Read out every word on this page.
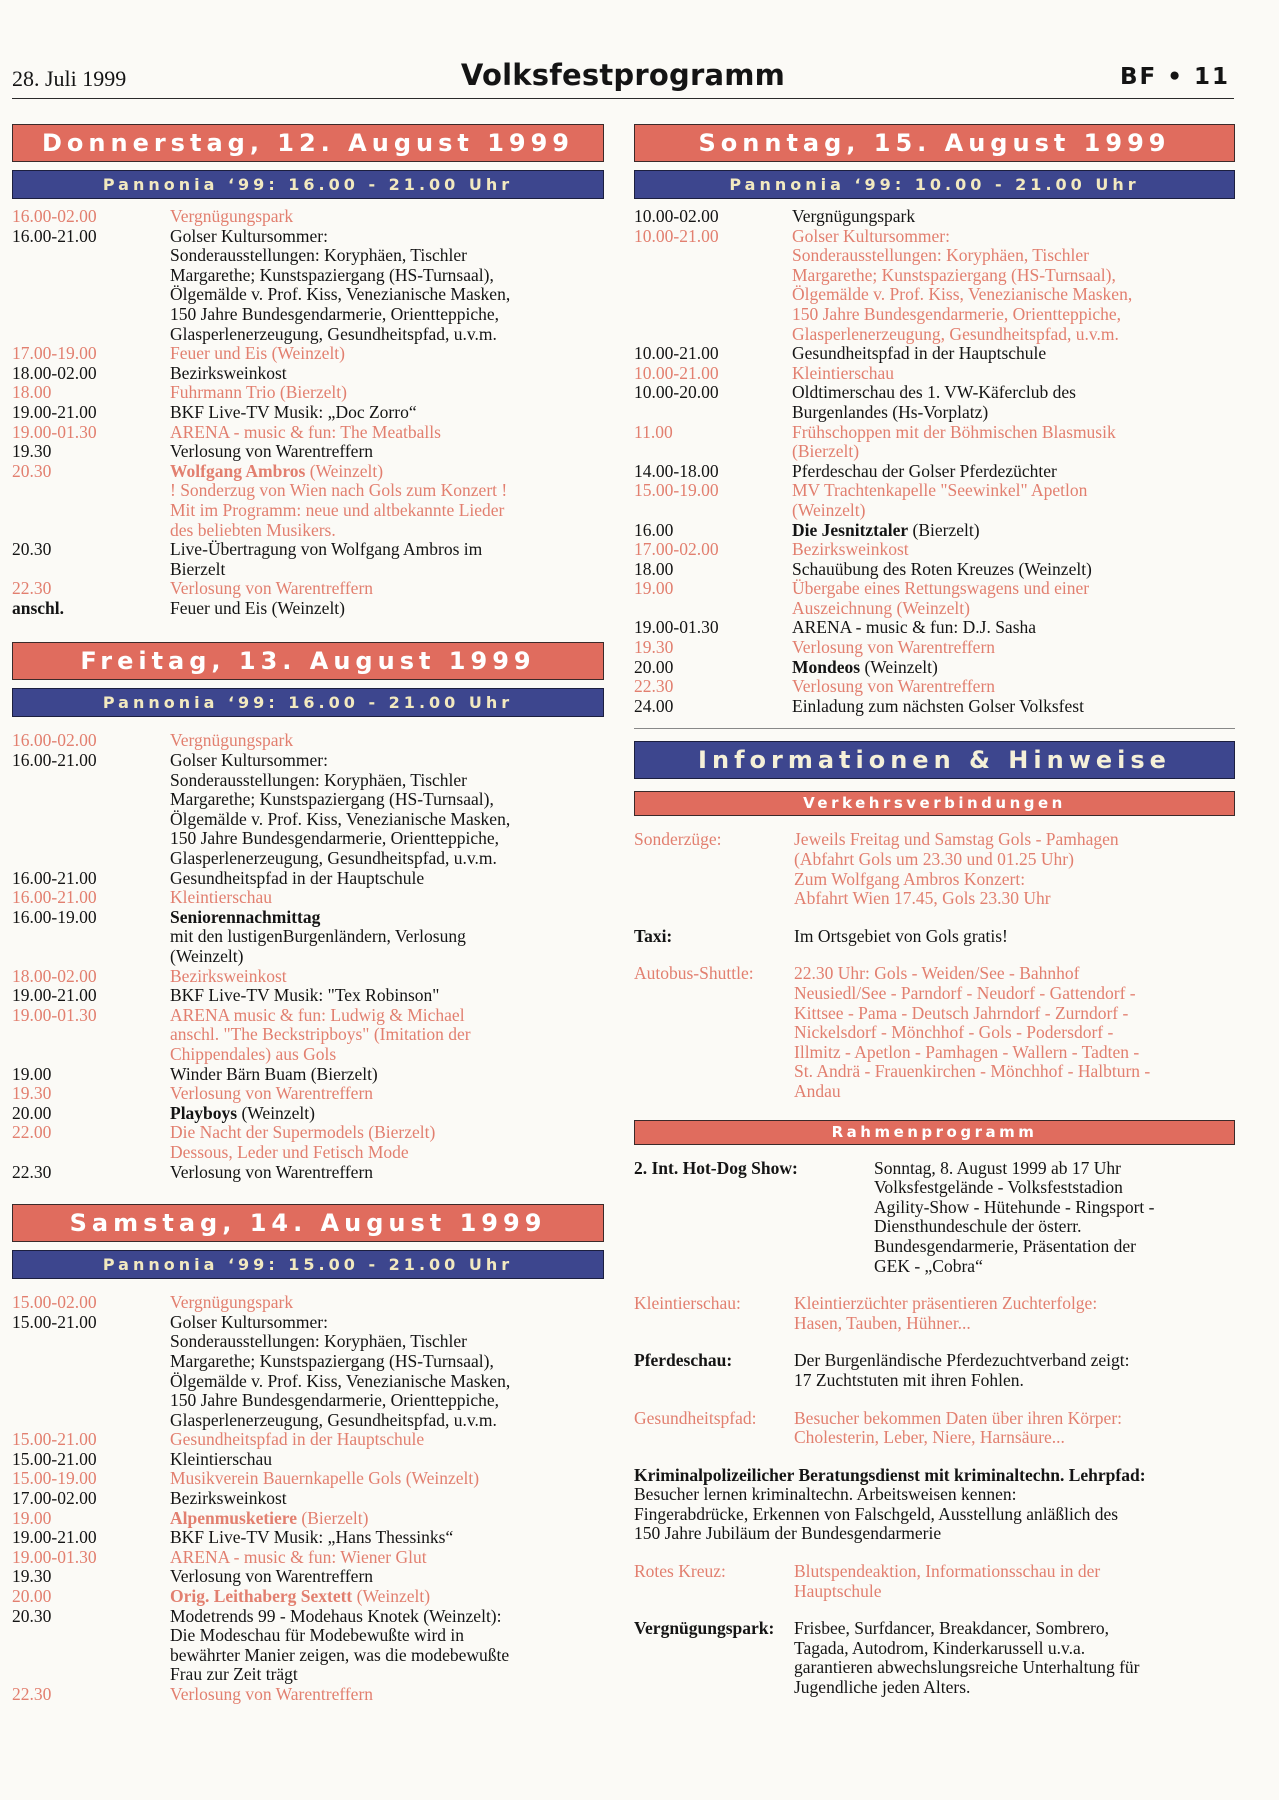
28. Juli 1999	Volksfestprogramm	BF • 11
Donnerstag, 12. August 1999
Pannonia ‘99: 16.00 - 21.00 Uhr
16.00-02.00	Vergnügungspark
16.00-21.00	Golser Kultursommer:
Sonderausstellungen: Koryphäen, Tischler
Margarethe; Kunstspaziergang (HS-Turnsaal),
Ölgemälde v. Prof. Kiss, Venezianische Masken,
150 Jahre Bundesgendarmerie, Orientteppiche,
Glasperlenerzeugung, Gesundheitspfad, u.v.m.
17.00-19.00	Feuer und Eis (Weinzelt)
18.00-02.00	Bezirksweinkost
18.00	Fuhrmann Trio (Bierzelt)
19.00-21.00	BKF Live-TV Musik: „Doc Zorro“
19.00-01.30	ARENA - music & fun: The Meatballs
19.30	Verlosung von Warentreffern
20.30	Wolfgang Ambros (Weinzelt)
! Sonderzug von Wien nach Gols zum Konzert !
Mit im Programm: neue und altbekannte Lieder
des beliebten Musikers.
20.30	Live-Übertragung von Wolfgang Ambros im
Bierzelt
22.30	Verlosung von Warentreffern
anschl.	Feuer und Eis (Weinzelt)
Freitag, 13. August 1999
Pannonia ‘99: 16.00 - 21.00 Uhr
16.00-02.00	Vergnügungspark
16.00-21.00	Golser Kultursommer:
Sonderausstellungen: Koryphäen, Tischler
Margarethe; Kunstspaziergang (HS-Turnsaal),
Ölgemälde v. Prof. Kiss, Venezianische Masken,
150 Jahre Bundesgendarmerie, Orientteppiche,
Glasperlenerzeugung, Gesundheitspfad, u.v.m.
16.00-21.00	Gesundheitspfad in der Hauptschule
16.00-21.00	Kleintierschau
16.00-19.00	Seniorennachmittag
mit den lustigenBurgenländern, Verlosung
(Weinzelt)
18.00-02.00	Bezirksweinkost
19.00-21.00	BKF Live-TV Musik: "Tex Robinson"
19.00-01.30	ARENA music & fun: Ludwig & Michael
anschl. "The Beckstripboys" (Imitation der
Chippendales) aus Gols
19.00	Winder Bärn Buam (Bierzelt)
19.30	Verlosung von Warentreffern
20.00	Playboys (Weinzelt)
22.00	Die Nacht der Supermodels (Bierzelt)
Dessous, Leder und Fetisch Mode
22.30	Verlosung von Warentreffern
Samstag, 14. August 1999
Pannonia ‘99: 15.00 - 21.00 Uhr
15.00-02.00	Vergnügungspark
15.00-21.00	Golser Kultursommer:
Sonderausstellungen: Koryphäen, Tischler
Margarethe; Kunstspaziergang (HS-Turnsaal),
Ölgemälde v. Prof. Kiss, Venezianische Masken,
150 Jahre Bundesgendarmerie, Orientteppiche,
Glasperlenerzeugung, Gesundheitspfad, u.v.m.
15.00-21.00	Gesundheitspfad in der Hauptschule
15.00-21.00	Kleintierschau
15.00-19.00	Musikverein Bauernkapelle Gols (Weinzelt)
17.00-02.00	Bezirksweinkost
19.00	Alpenmusketiere (Bierzelt)
19.00-21.00	BKF Live-TV Musik: „Hans Thessinks“
19.00-01.30	ARENA - music & fun: Wiener Glut
19.30	Verlosung von Warentreffern
20.00	Orig. Leithaberg Sextett (Weinzelt)
20.30	Modetrends 99 - Modehaus Knotek (Weinzelt):
Die Modeschau für Modebewußte wird in
bewährter Manier zeigen, was die modebewußte
Frau zur Zeit trägt
22.30	Verlosung von Warentreffern
Sonntag, 15. August 1999
Pannonia ‘99: 10.00 - 21.00 Uhr
10.00-02.00	Vergnügungspark
10.00-21.00	Golser Kultursommer:
Sonderausstellungen: Koryphäen, Tischler
Margarethe; Kunstspaziergang (HS-Turnsaal),
Ölgemälde v. Prof. Kiss, Venezianische Masken,
150 Jahre Bundesgendarmerie, Orientteppiche,
Glasperlenerzeugung, Gesundheitspfad, u.v.m.
10.00-21.00	Gesundheitspfad in der Hauptschule
10.00-21.00	Kleintierschau
10.00-20.00	Oldtimerschau des 1. VW-Käferclub des
Burgenlandes (Hs-Vorplatz)
11.00	Frühschoppen mit der Böhmischen Blasmusik
(Bierzelt)
14.00-18.00	Pferdeschau der Golser Pferdezüchter
15.00-19.00	MV Trachtenkapelle "Seewinkel" Apetlon
(Weinzelt)
16.00	Die Jesnitztaler (Bierzelt)
17.00-02.00	Bezirksweinkost
18.00	Schauübung des Roten Kreuzes (Weinzelt)
19.00	Übergabe eines Rettungswagens und einer
Auszeichnung (Weinzelt)
19.00-01.30	ARENA - music & fun: D.J. Sasha
19.30	Verlosung von Warentreffern
20.00	Mondeos (Weinzelt)
22.30	Verlosung von Warentreffern
24.00	Einladung zum nächsten Golser Volksfest
Informationen & Hinweise
Verkehrsverbindungen
Sonderzüge:	Jeweils Freitag und Samstag Gols - Pamhagen
(Abfahrt Gols um 23.30 und 01.25 Uhr)
Zum Wolfgang Ambros Konzert:
Abfahrt Wien 17.45, Gols 23.30 Uhr
Taxi:	Im Ortsgebiet von Gols gratis!
Autobus-Shuttle:	22.30 Uhr: Gols - Weiden/See - Bahnhof
Neusiedl/See - Parndorf - Neudorf - Gattendorf -
Kittsee - Pama - Deutsch Jahrndorf - Zurndorf -
Nickelsdorf - Mönchhof - Gols - Podersdorf -
Illmitz - Apetlon - Pamhagen - Wallern - Tadten -
St. Andrä - Frauenkirchen - Mönchhof - Halbturn -
Andau
Rahmenprogramm
2. Int. Hot-Dog Show:	Sonntag, 8. August 1999 ab 17 Uhr
Volksfestgelände - Volksfeststadion
Agility-Show - Hütehunde - Ringsport -
Diensthundeschule der österr.
Bundesgendarmerie, Präsentation der
GEK - „Cobra“
Kleintierschau:	Kleintierzüchter präsentieren Zuchterfolge:
Hasen, Tauben, Hühner...
Pferdeschau:	Der Burgenländische Pferdezuchtverband zeigt:
17 Zuchtstuten mit ihren Fohlen.
Gesundheitspfad:	Besucher bekommen Daten über ihren Körper:
Cholesterin, Leber, Niere, Harnsäure...
Kriminalpolizeilicher Beratungsdienst mit kriminaltechn. Lehrpfad:
Besucher lernen kriminaltechn. Arbeitsweisen kennen:
Fingerabdrücke, Erkennen von Falschgeld, Ausstellung anläßlich des
150 Jahre Jubiläum der Bundesgendarmerie
Rotes Kreuz:	Blutspendeaktion, Informationsschau in der
Hauptschule
Vergnügungspark:	Frisbee, Surfdancer, Breakdancer, Sombrero,
Tagada, Autodrom, Kinderkarussell u.v.a.
garantieren abwechslungsreiche Unterhaltung für
Jugendliche jeden Alters.
